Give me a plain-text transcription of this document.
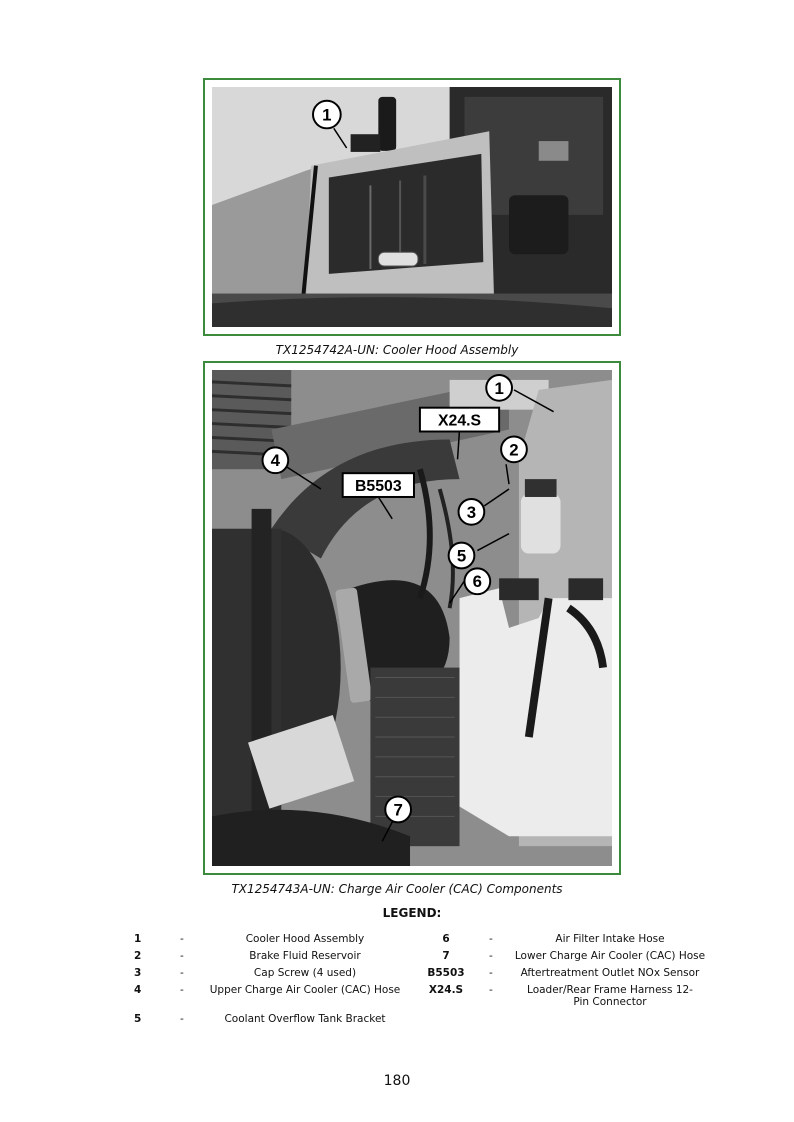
1
TX1254742A-UN: Cooler Hood Assembly
X24.S
B5503
1
2
3
4
5
6
7
TX1254743A-UN: Charge Air Cooler (CAC) Components
LEGEND:
1	-	Cooler Hood Assembly	6	-	Air Filter Intake Hose
2	-	Brake Fluid Reservoir	7	-	Lower Charge Air Cooler (CAC) Hose
3	-	Cap Screw (4 used)	B5503	-	Aftertreatment Outlet NOx Sensor
4	-	Upper Charge Air Cooler (CAC) Hose	X24.S	-	Loader/Rear Frame Harness 12-Pin Connector
5	-	Coolant Overflow Tank Bracket
180
